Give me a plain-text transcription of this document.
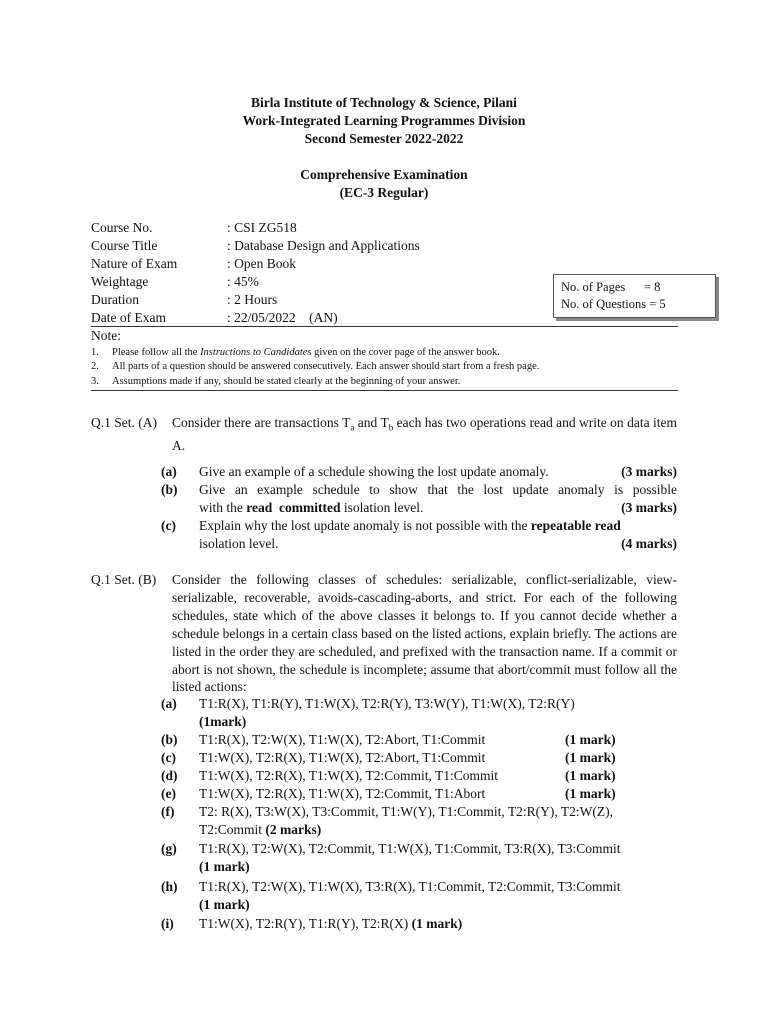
Birla Institute of Technology & Science, Pilani
Work-Integrated Learning Programmes Division
Second Semester 2022-2022
Comprehensive Examination
(EC-3 Regular)
Course No.	: CSI ZG518
Course Title	: Database Design and Applications
Nature of Exam	: Open Book
Weightage	: 45%
Duration	: 2 Hours
Date of Exam	: 22/05/2022    (AN)
No. of Pages      = 8
No. of Questions = 5
Note:
1. Please follow all the Instructions to Candidates given on the cover page of the answer book.
2. All parts of a question should be answered consecutively. Each answer should start from a fresh page.
3. Assumptions made if any, should be stated clearly at the beginning of your answer.
Q.1 Set. (A) Consider there are transactions $T_a$ and $T_b$ each has two operations read and write on data item A.
(a) Give an example of a schedule showing the lost update anomaly.	(3 marks)
(b) Give an example schedule to show that the lost update anomaly is possible
with the read  committed isolation level.	(3 marks)
(c) Explain why the lost update anomaly is not possible with the repeatable read
isolation level.	(4 marks)
Q.1 Set. (B) Consider the following classes of schedules: serializable, conflict-serializable, view-serializable, recoverable, avoids-cascading-aborts, and strict. For each of the following schedules, state which of the above classes it belongs to. If you cannot decide whether a schedule belongs in a certain class based on the listed actions, explain briefly. The actions are listed in the order they are scheduled, and prefixed with the transaction name. If a commit or abort is not shown, the schedule is incomplete; assume that abort/commit must follow all the listed actions:
(a) T1:R(X), T1:R(Y), T1:W(X), T2:R(Y), T3:W(Y), T1:W(X), T2:R(Y)
(1mark)
(b) T1:R(X), T2:W(X), T1:W(X), T2:Abort, T1:Commit	(1 mark)
(c) T1:W(X), T2:R(X), T1:W(X), T2:Abort, T1:Commit	(1 mark)
(d) T1:W(X), T2:R(X), T1:W(X), T2:Commit, T1:Commit	(1 mark)
(e) T1:W(X), T2:R(X), T1:W(X), T2:Commit, T1:Abort	(1 mark)
(f) T2: R(X), T3:W(X), T3:Commit, T1:W(Y), T1:Commit, T2:R(Y), T2:W(Z),
T2:Commit (2 marks)
(g) T1:R(X), T2:W(X), T2:Commit, T1:W(X), T1:Commit, T3:R(X), T3:Commit
(1 mark)
(h) T1:R(X), T2:W(X), T1:W(X), T3:R(X), T1:Commit, T2:Commit, T3:Commit
(1 mark)
(i) T1:W(X), T2:R(Y), T1:R(Y), T2:R(X) (1 mark)
